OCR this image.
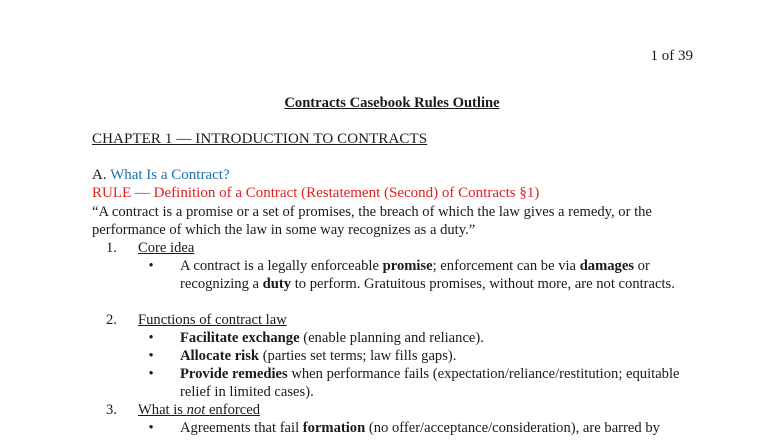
1 of 39
Contracts Casebook Rules Outline
CHAPTER 1 — INTRODUCTION TO CONTRACTS
A. What Is a Contract?
RULE — Definition of a Contract (Restatement (Second) of Contracts §1)
“A contract is a promise or a set of promises, the breach of which the law gives a remedy, or the performance of which the law in some way recognizes as a duty.”
1.	Core idea
• A contract is a legally enforceable promise; enforcement can be via damages or recognizing a duty to perform. Gratuitous promises, without more, are not contracts.
2.	Functions of contract law
• Facilitate exchange (enable planning and reliance).
• Allocate risk (parties set terms; law fills gaps).
• Provide remedies when performance fails (expectation/reliance/restitution; equitable relief in limited cases).
3.	What is not enforced
• Agreements that fail formation (no offer/acceptance/consideration), are barred by
